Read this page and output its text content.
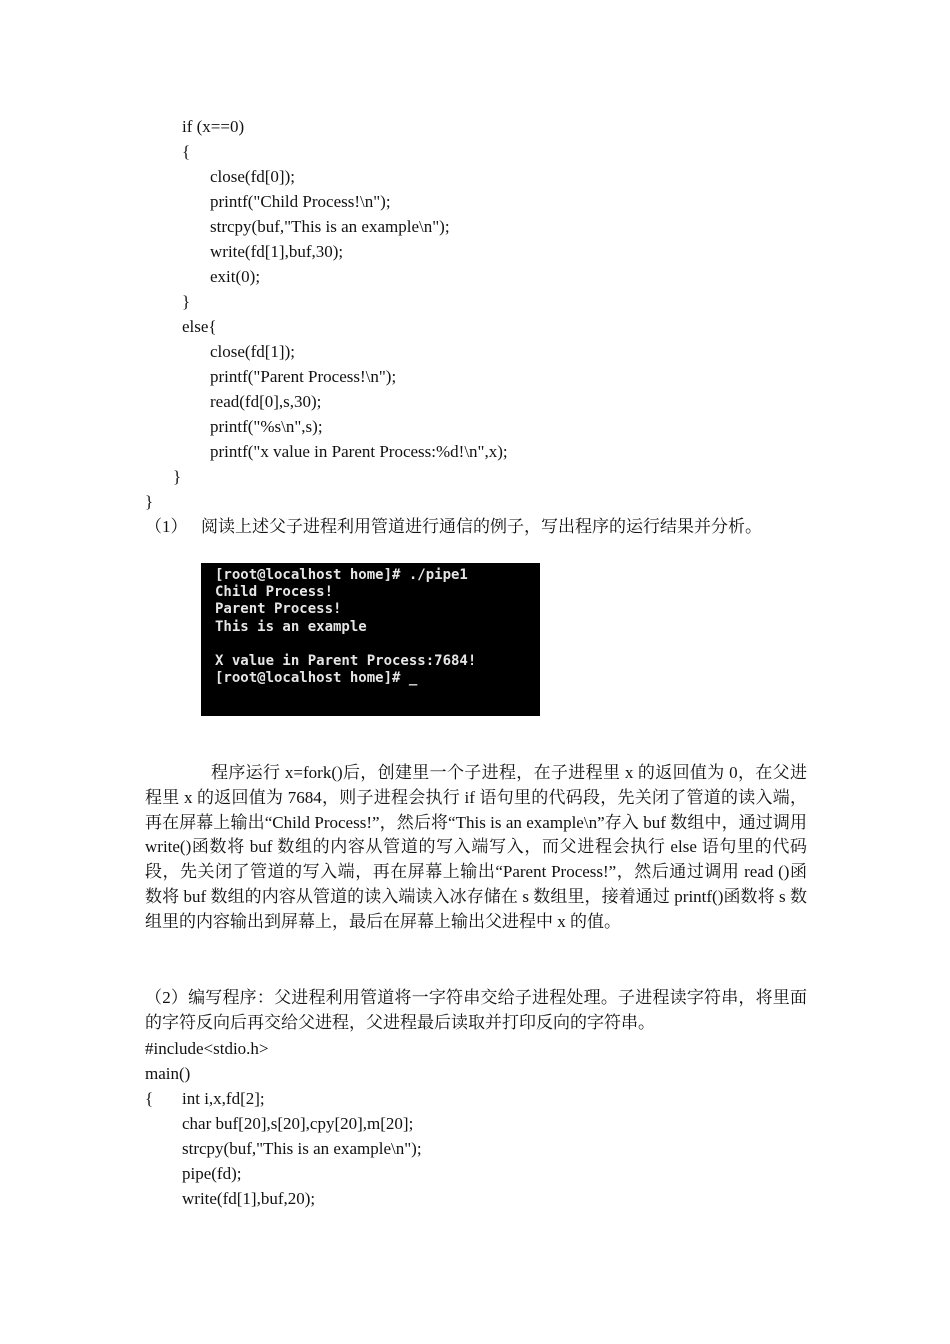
if (x==0)
{
close(fd[0]);
printf("Child Process!\n");
strcpy(buf,"This is an example\n");
write(fd[1],buf,30);
exit(0);
}
else{
close(fd[1]);
printf("Parent Process!\n");
read(fd[0],s,30);
printf("%s\n",s);
printf("x value in Parent Process:%d!\n",x);
}
}
（1） 阅读上述父子进程利用管道进行通信的例子，写出程序的运行结果并分析。
[root@localhost home]# ./pipe1
Child Process!
Parent Process!
This is an example
X value in Parent Process:7684!
[root@localhost home]# _
程序运行 x=fork()后，创建里一个子进程，在子进程里 x 的返回值为 0，在父进程里 x 的返回值为 7684，则子进程会执行 if 语句里的代码段，先关闭了管道的读入端，再在屏幕上输出“Child Process!”，然后将“This is an example\n”存入 buf 数组中，通过调用 write()函数将 buf 数组的内容从管道的写入端写入，而父进程会执行 else 语句里的代码段，先关闭了管道的写入端，再在屏幕上输出“Parent Process!”，然后通过调用 read ()函数将 buf 数组的内容从管道的读入端读入冰存储在 s 数组里，接着通过 printf()函数将 s 数组里的内容输出到屏幕上，最后在屏幕上输出父进程中 x 的值。
（2）编写程序：父进程利用管道将一字符串交给子进程处理。子进程读字符串，将里面的字符反向后再交给父进程，父进程最后读取并打印反向的字符串。
#include<stdio.h>
main()
{ int i,x,fd[2];
char buf[20],s[20],cpy[20],m[20];
strcpy(buf,"This is an example\n");
pipe(fd);
write(fd[1],buf,20);
